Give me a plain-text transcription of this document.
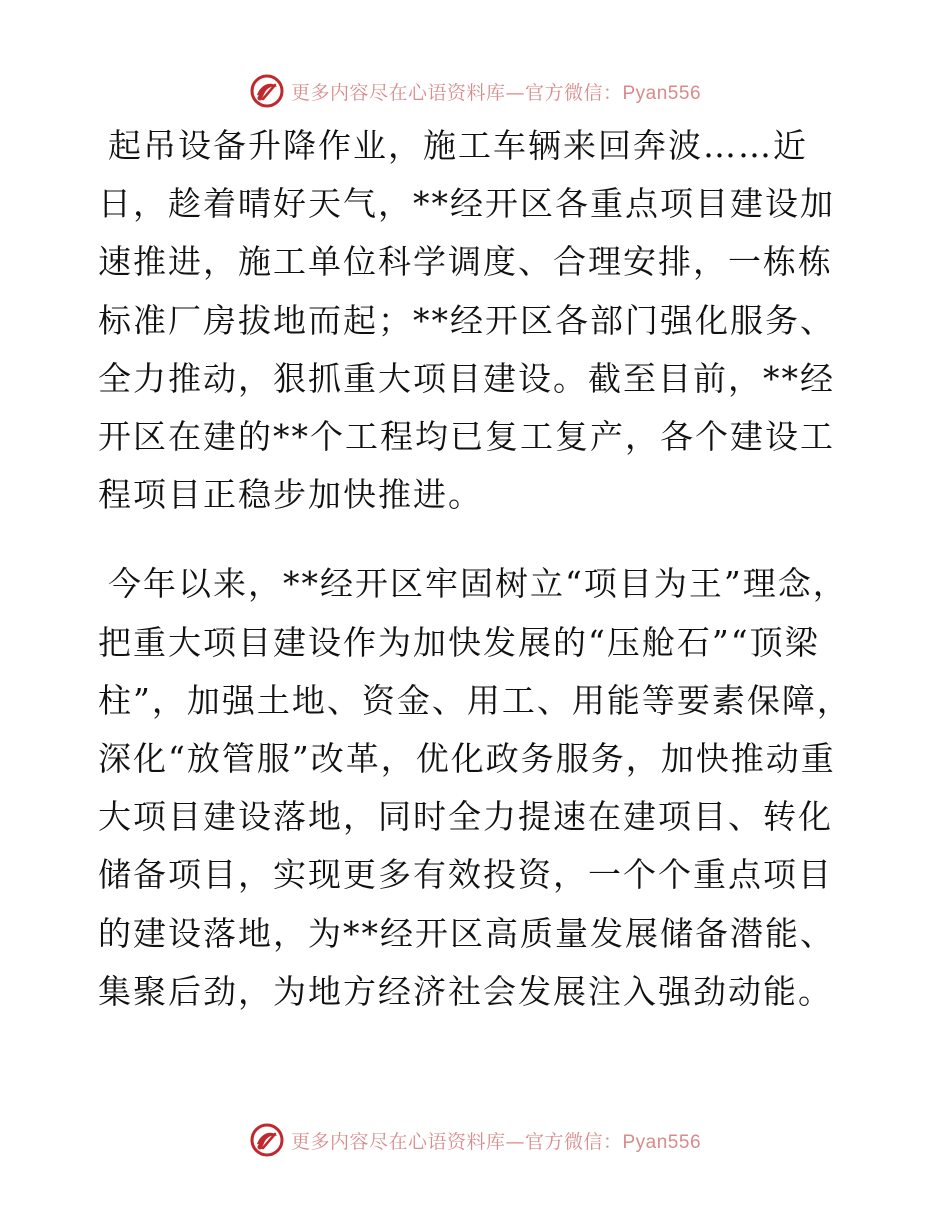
更多内容尽在心语资料库—官方微信：Pyan556

起吊设备升降作业，施工车辆来回奔波……近日，趁着晴好天气，**经开区各重点项目建设加速推进，施工单位科学调度、合理安排，一栋栋标准厂房拔地而起；**经开区各部门强化服务、全力推动，狠抓重大项目建设。截至目前，**经开区在建的**个工程均已复工复产，各个建设工程项目正稳步加快推进。

今年以来，**经开区牢固树立“项目为王”理念，把重大项目建设作为加快发展的“压舱石”“顶梁柱”，加强土地、资金、用工、用能等要素保障，深化“放管服”改革，优化政务服务，加快推动重大项目建设落地，同时全力提速在建项目、转化储备项目，实现更多有效投资，一个个重点项目的建设落地，为**经开区高质量发展储备潜能、集聚后劲，为地方经济社会发展注入强劲动能。

更多内容尽在心语资料库—官方微信：Pyan556
